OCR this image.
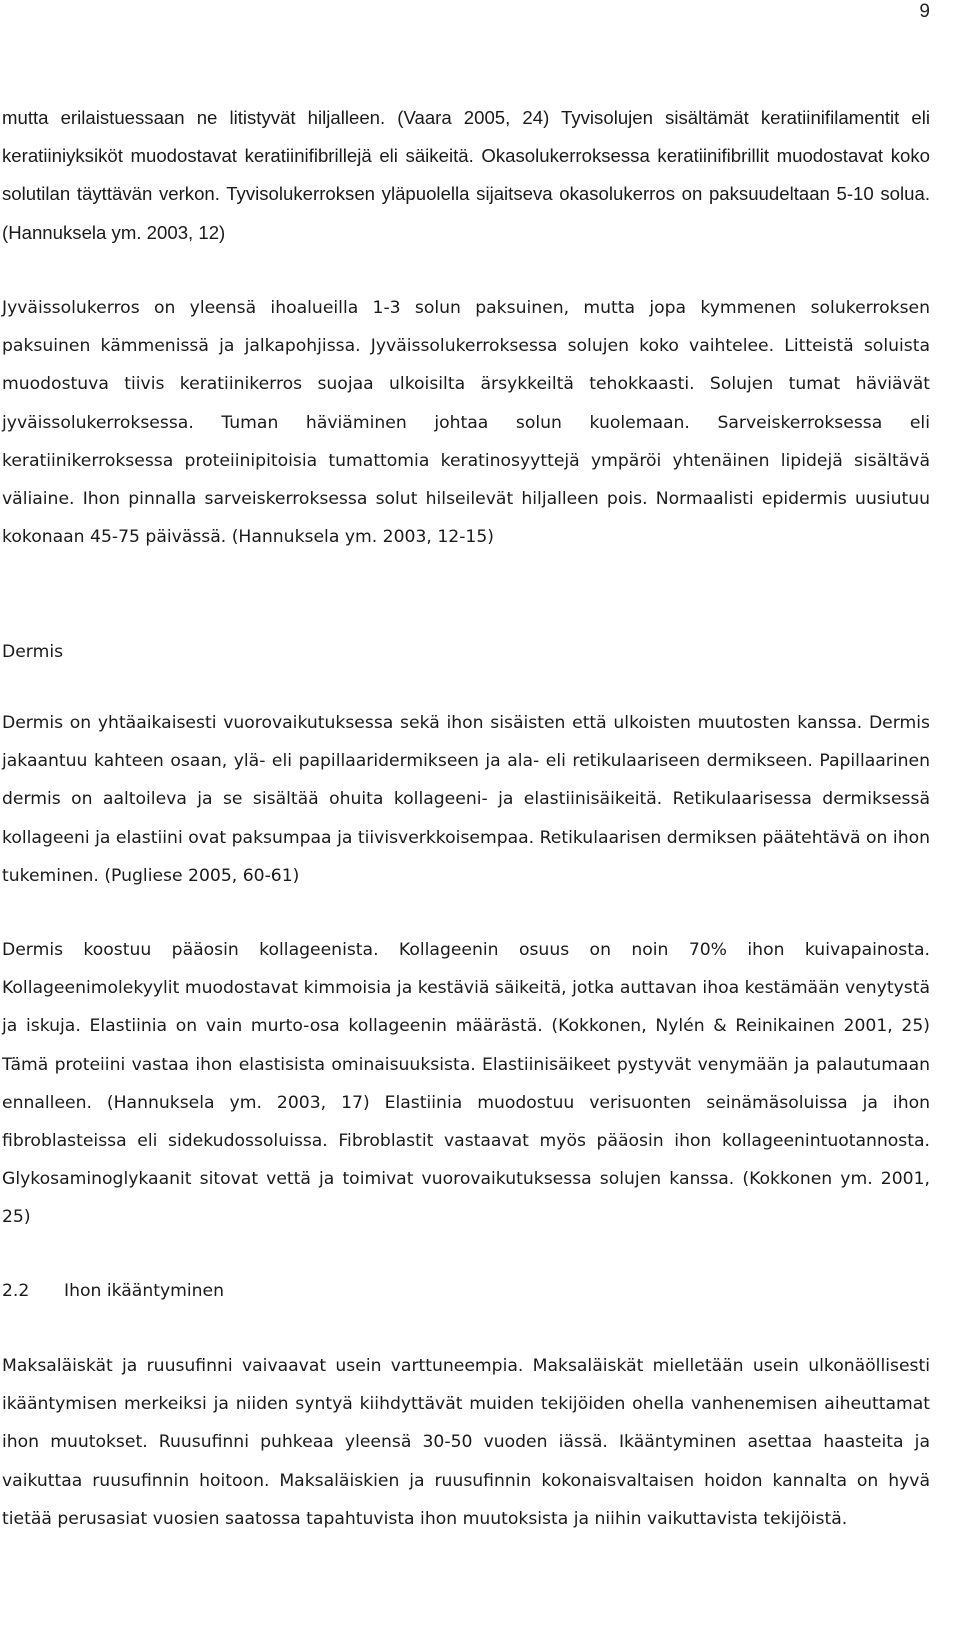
9

mutta erilaistuessaan ne litistyvät hiljalleen. (Vaara 2005, 24) Tyvisolujen sisältämät keratiinifilamentit eli keratiiniyksiköt muodostavat keratiinifibrillejä eli säikeitä. Okasolukerroksessa keratiinifibrillit muodostavat koko solutilan täyttävän verkon. Tyvisolukerroksen yläpuolella sijaitseva okasolukerros on paksuudeltaan 5-10 solua. (Hannuksela ym. 2003, 12)

Jyväissolukerros on yleensä ihoalueilla 1-3 solun paksuinen, mutta jopa kymmenen solukerroksen paksuinen kämmenissä ja jalkapohjissa. Jyväissolukerroksessa solujen koko vaihtelee. Litteistä soluista muodostuva tiivis keratiinikerros suojaa ulkoisilta ärsykkeiltä tehokkaasti. Solujen tumat häviävät jyväissolukerroksessa. Tuman häviäminen johtaa solun kuolemaan. Sarveiskerroksessa eli keratiinikerroksessa proteiinipitoisia tumattomia keratinosyyttejä ympäröi yhtenäinen lipidejä sisältävä väliaine. Ihon pinnalla sarveiskerroksessa solut hilseilevät hiljalleen pois. Normaalisti epidermis uusiutuu kokonaan 45-75 päivässä. (Hannuksela ym. 2003, 12-15)

Dermis

Dermis on yhtäaikaisesti vuorovaikutuksessa sekä ihon sisäisten että ulkoisten muutosten kanssa. Dermis jakaantuu kahteen osaan, ylä- eli papillaaridermikseen ja ala- eli retikulaariseen dermikseen. Papillaarinen dermis on aaltoileva ja se sisältää ohuita kollageeni- ja elastiinisäikeitä. Retikulaarisessa dermiksessä kollageeni ja elastiini ovat paksumpaa ja tiivisverkkoisempaa. Retikulaarisen dermiksen päätehtävä on ihon tukeminen. (Pugliese 2005, 60-61)

Dermis koostuu pääosin kollageenista. Kollageenin osuus on noin 70% ihon kuivapainosta. Kollageenimolekyylit muodostavat kimmoisia ja kestäviä säikeitä, jotka auttavan ihoa kestämään venytystä ja iskuja. Elastiinia on vain murto-osa kollageenin määrästä. (Kokkonen, Nylén & Reinikainen 2001, 25) Tämä proteiini vastaa ihon elastisista ominaisuuksista. Elastiinisäikeet pystyvät venymään ja palautumaan ennalleen. (Hannuksela ym. 2003, 17) Elastiinia muodostuu verisuonten seinämäsoluissa ja ihon fibroblasteissa eli sidekudossoluissa. Fibroblastit vastaavat myös pääosin ihon kollageenintuotannosta. Glykosaminoglykaanit sitovat vettä ja toimivat vuorovaikutuksessa solujen kanssa. (Kokkonen ym. 2001, 25)

2.2 Ihon ikääntyminen

Maksaläiskät ja ruusufinni vaivaavat usein varttuneempia. Maksaläiskät mielletään usein ulkonäöllisesti ikääntymisen merkeiksi ja niiden syntyä kiihdyttävät muiden tekijöiden ohella vanhenemisen aiheuttamat ihon muutokset. Ruusufinni puhkeaa yleensä 30-50 vuoden iässä. Ikääntyminen asettaa haasteita ja vaikuttaa ruusufinnin hoitoon. Maksaläiskien ja ruusufinnin kokonaisvaltaisen hoidon kannalta on hyvä tietää perusasiat vuosien saatossa tapahtuvista ihon muutoksista ja niihin vaikuttavista tekijöistä.
